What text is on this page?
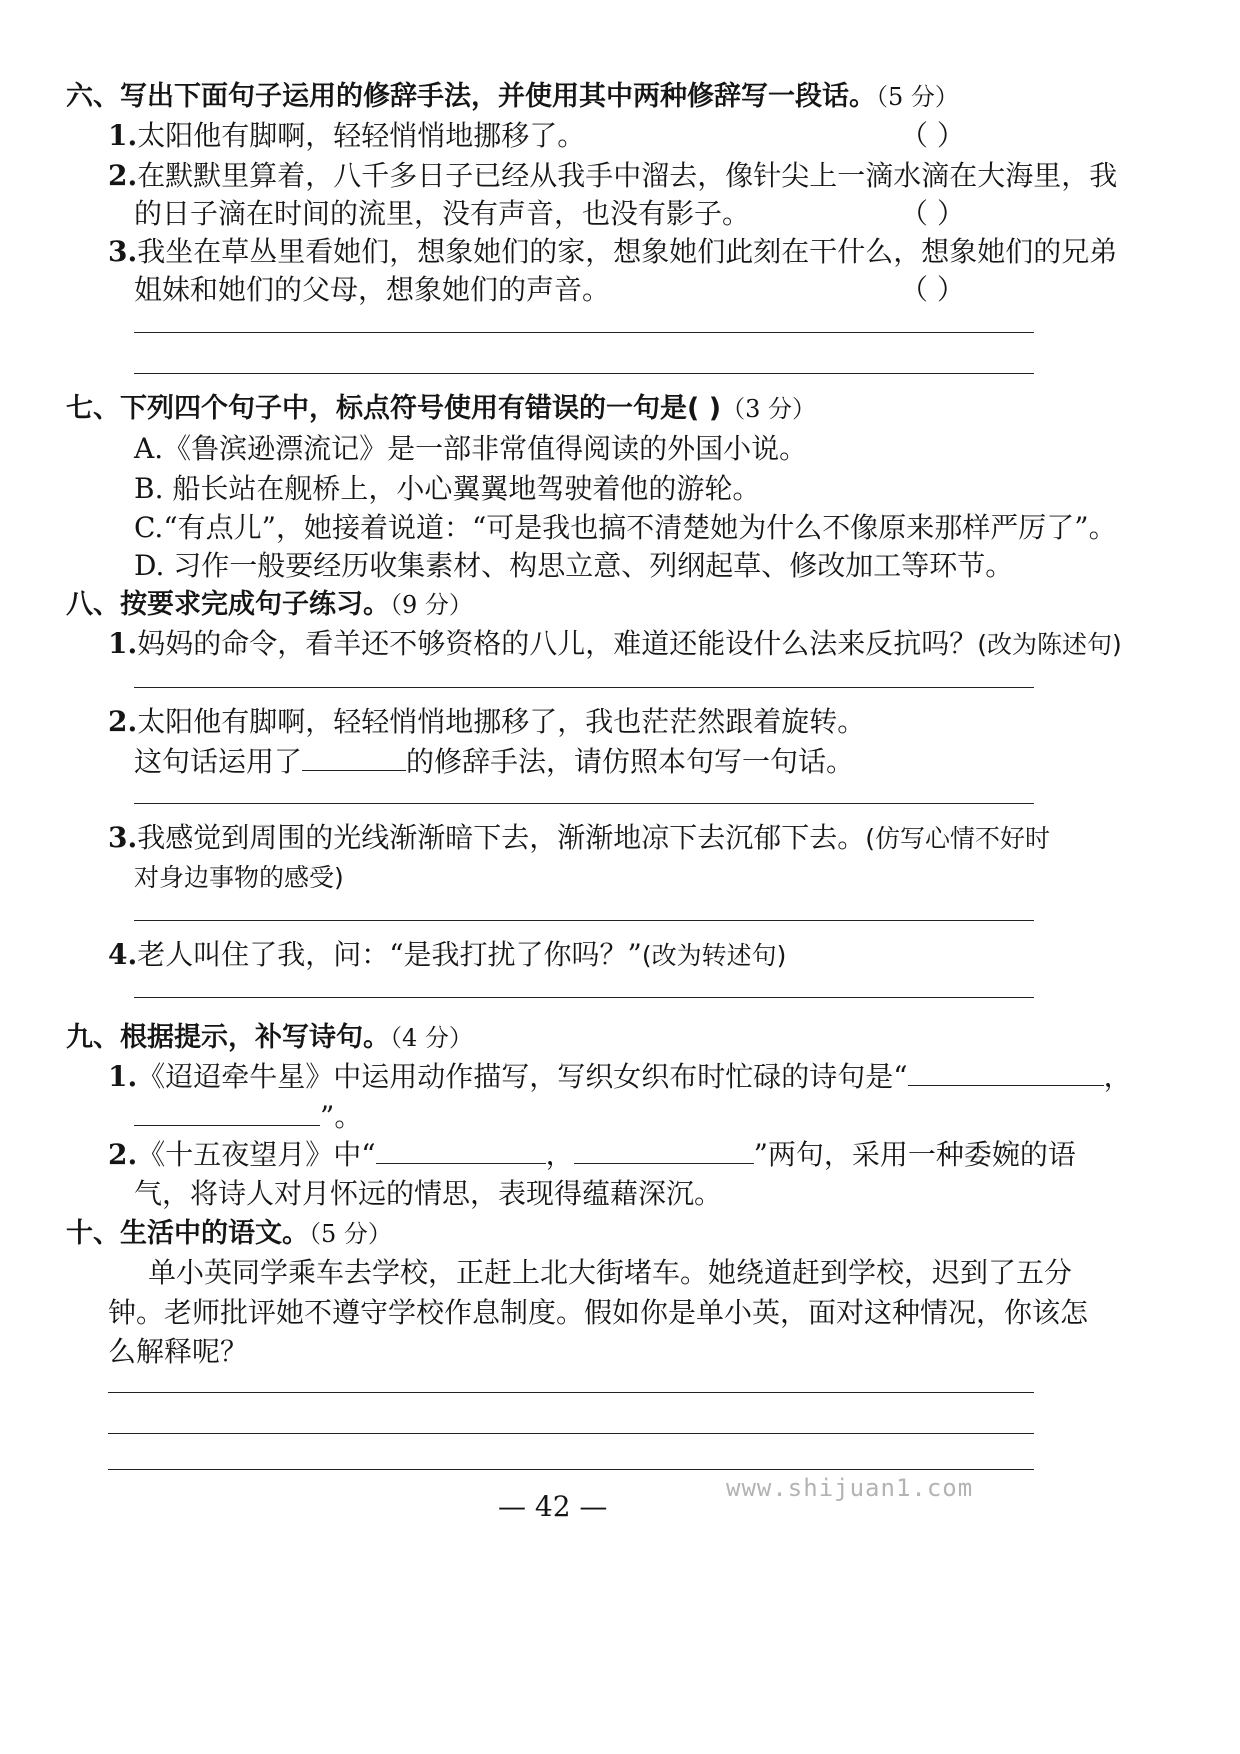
六、写出下面句子运用的修辞手法，并使用其中两种修辞写一段话。（5 分）
1.太阳他有脚啊，轻轻悄悄地挪移了。	（ ）
2.在默默里算着，八千多日子已经从我手中溜去，像针尖上一滴水滴在大海里，我
的日子滴在时间的流里，没有声音，也没有影子。	（ ）
3.我坐在草丛里看她们，想象她们的家，想象她们此刻在干什么，想象她们的兄弟
姐妹和她们的父母，想象她们的声音。	（ ）
七、下列四个句子中，标点符号使用有错误的一句是( )（3 分）
A.《鲁滨逊漂流记》是一部非常值得阅读的外国小说。
B. 船长站在舰桥上，小心翼翼地驾驶着他的游轮。
C.“有点儿”，她接着说道：“可是我也搞不清楚她为什么不像原来那样严厉了”。
D. 习作一般要经历收集素材、构思立意、列纲起草、修改加工等环节。
八、按要求完成句子练习。（9 分）
1.妈妈的命令，看羊还不够资格的八儿，难道还能设什么法来反抗吗？(改为陈述句)
2.太阳他有脚啊，轻轻悄悄地挪移了，我也茫茫然跟着旋转。
这句话运用了	的修辞手法，请仿照本句写一句话。
3.我感觉到周围的光线渐渐暗下去，渐渐地凉下去沉郁下去。(仿写心情不好时
对身边事物的感受)
4.老人叫住了我，问：“是我打扰了你吗？”(改为转述句)
九、根据提示，补写诗句。（4 分）
1.《迢迢牵牛星》中运用动作描写，写织女织布时忙碌的诗句是“	，
”。
2.《十五夜望月》中“	，	”两句，采用一种委婉的语
气，将诗人对月怀远的情思，表现得蕴藉深沉。
十、生活中的语文。（5 分）
单小英同学乘车去学校，正赶上北大街堵车。她绕道赶到学校，迟到了五分
钟。老师批评她不遵守学校作息制度。假如你是单小英，面对这种情况，你该怎
么解释呢？
www.shijuan1.com
— 42 —
